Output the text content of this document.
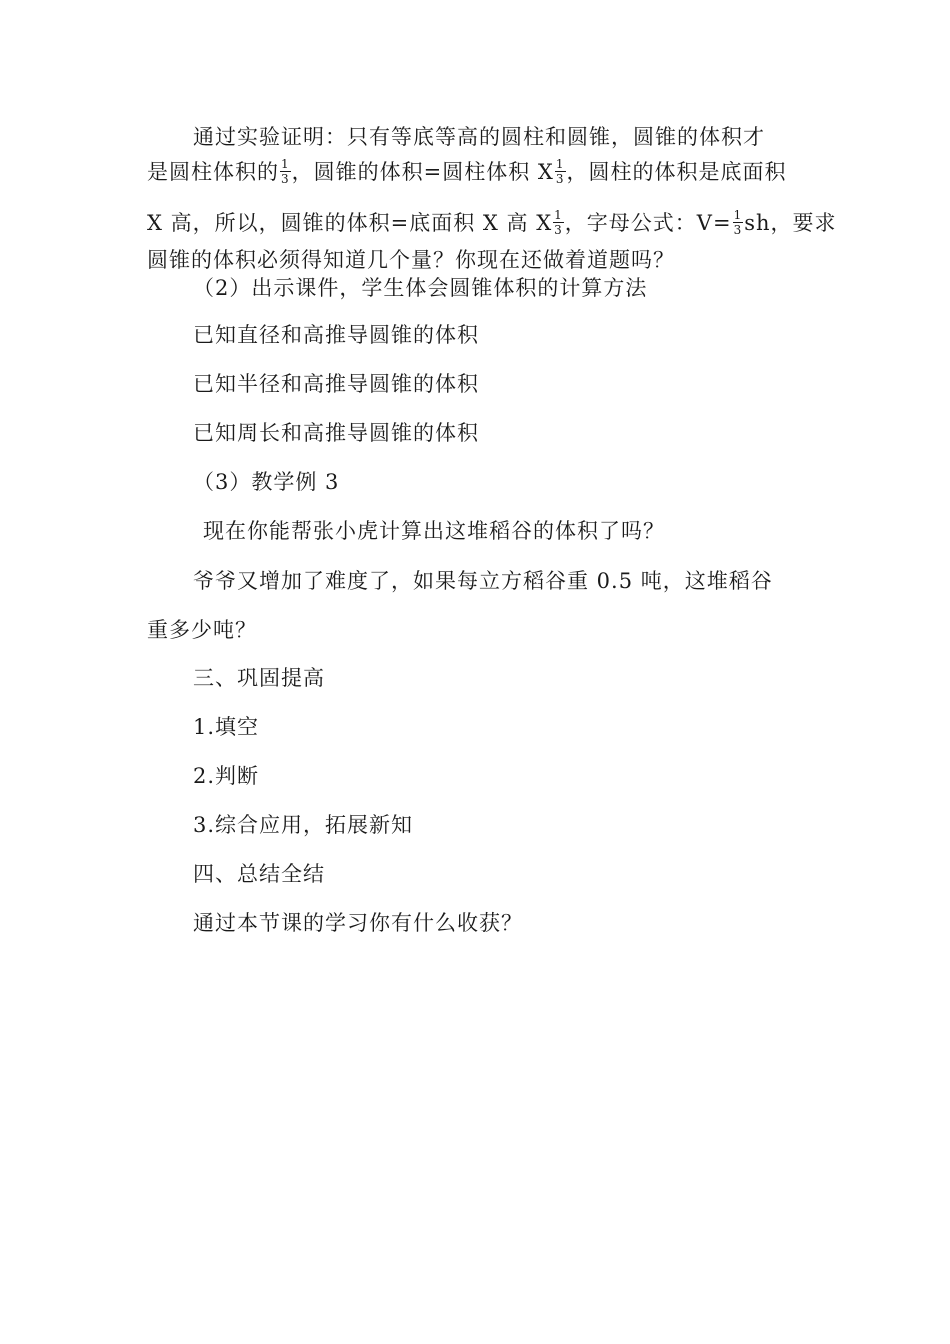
通过实验证明：只有等底等高的圆柱和圆锥，圆锥的体积才
是圆柱体积的 $\frac{1}{3}$ ，圆锥的体积=圆柱体积 X $\frac{1}{3}$ ，圆柱的体积是底面积
X 高，所以，圆锥的体积=底面积 X 高 X $\frac{1}{3}$ ，字母公式：$V= \frac{1}{3}$ sh，要求
圆锥的体积必须得知道几个量？你现在还做着道题吗？
（2）出示课件，学生体会圆锥体积的计算方法
已知直径和高推导圆锥的体积
已知半径和高推导圆锥的体积
已知周长和高推导圆锥的体积
（3）教学例 3
现在你能帮张小虎计算出这堆稻谷的体积了吗？
爷爷又增加了难度了，如果每立方稻谷重 0.5 吨，这堆稻谷
重多少吨？
三、巩固提高
1.填空
2.判断
3.综合应用，拓展新知
四、总结全结
通过本节课的学习你有什么收获？
